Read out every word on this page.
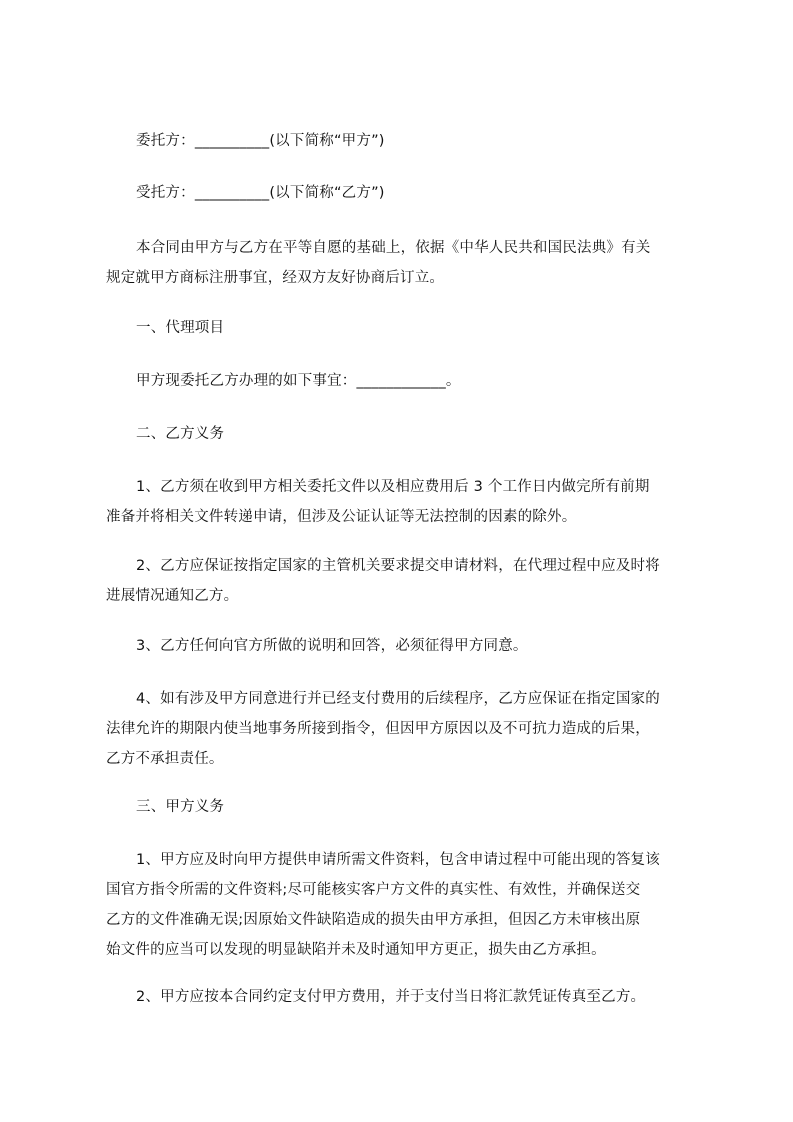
委托方：__________(以下简称“甲方”)

受托方：__________(以下简称“乙方”)

本合同由甲方与乙方在平等自愿的基础上，依据《中华人民共和国民法典》有关
规定就甲方商标注册事宜，经双方友好协商后订立。

一、代理项目

甲方现委托乙方办理的如下事宜：____________。

二、乙方义务

1、乙方须在收到甲方相关委托文件以及相应费用后 3 个工作日内做完所有前期
准备并将相关文件转递申请，但涉及公证认证等无法控制的因素的除外。

2、乙方应保证按指定国家的主管机关要求提交申请材料，在代理过程中应及时将
进展情况通知乙方。

3、乙方任何向官方所做的说明和回答，必须征得甲方同意。

4、如有涉及甲方同意进行并已经支付费用的后续程序，乙方应保证在指定国家的
法律允许的期限内使当地事务所接到指令，但因甲方原因以及不可抗力造成的后果，
乙方不承担责任。

三、甲方义务

1、甲方应及时向甲方提供申请所需文件资料，包含申请过程中可能出现的答复该
国官方指令所需的文件资料;尽可能核实客户方文件的真实性、有效性，并确保送交
乙方的文件准确无误;因原始文件缺陷造成的损失由甲方承担，但因乙方未审核出原
始文件的应当可以发现的明显缺陷并未及时通知甲方更正，损失由乙方承担。

2、甲方应按本合同约定支付甲方费用，并于支付当日将汇款凭证传真至乙方。
